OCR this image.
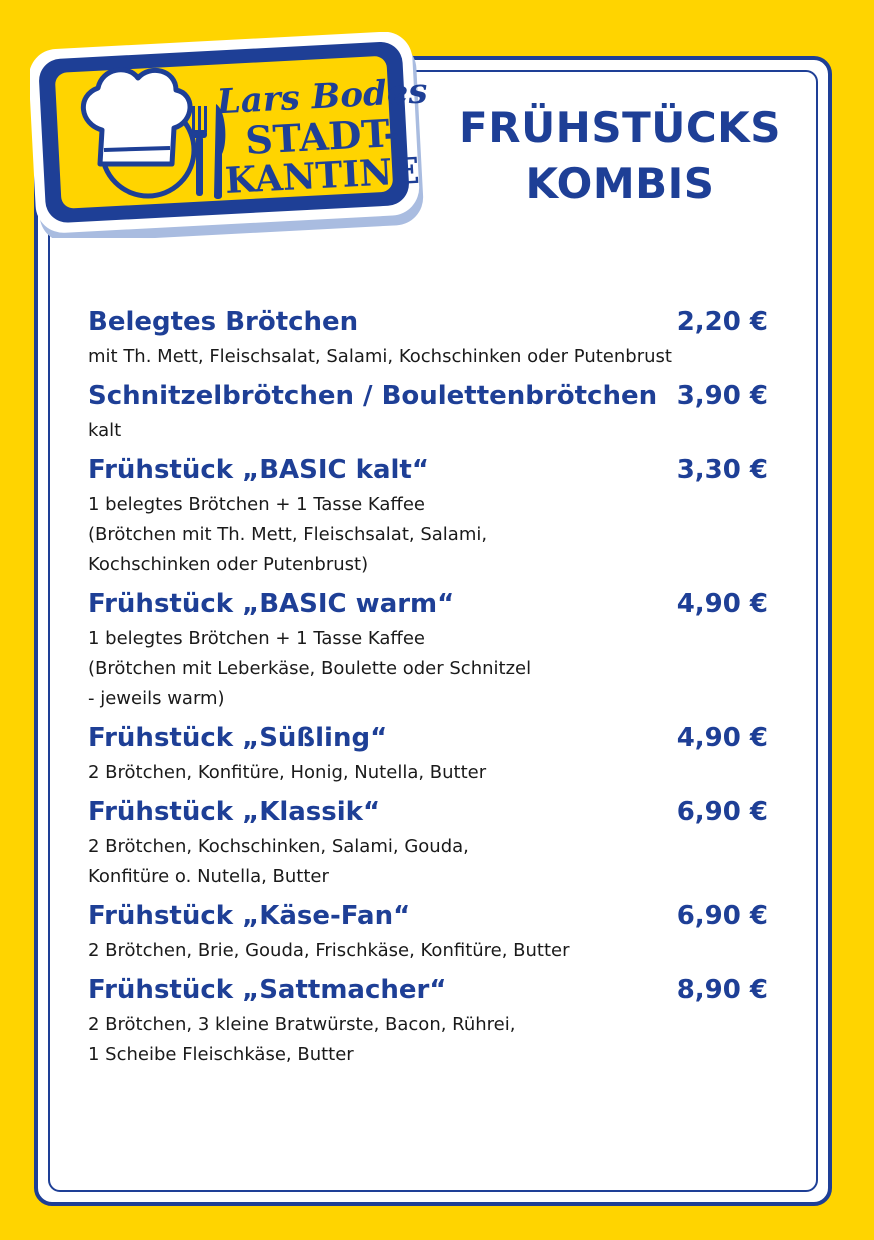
Lars Bodes
STADT-
KANTINE
FRÜHSTÜCKS
KOMBIS
Belegtes Brötchen	2,20 €
mit Th. Mett, Fleischsalat, Salami, Kochschinken oder Putenbrust
Schnitzelbrötchen / Boulettenbrötchen 3,90 €
kalt
Frühstück „BASIC kalt“	3,30 €
1 belegtes Brötchen + 1 Tasse Kaffee
(Brötchen mit Th. Mett, Fleischsalat, Salami,
Kochschinken oder Putenbrust)
Frühstück „BASIC warm“	4,90 €
1 belegtes Brötchen + 1 Tasse Kaffee
(Brötchen mit Leberkäse, Boulette oder Schnitzel
- jeweils warm)
Frühstück „Süßling“	4,90 €
2 Brötchen, Konfitüre, Honig, Nutella, Butter
Frühstück „Klassik“	6,90 €
2 Brötchen, Kochschinken, Salami, Gouda,
Konfitüre o. Nutella, Butter
Frühstück „Käse-Fan“	6,90 €
2 Brötchen, Brie, Gouda, Frischkäse, Konfitüre, Butter
Frühstück „Sattmacher“	8,90 €
2 Brötchen, 3 kleine Bratwürste, Bacon, Rührei,
1 Scheibe Fleischkäse, Butter
